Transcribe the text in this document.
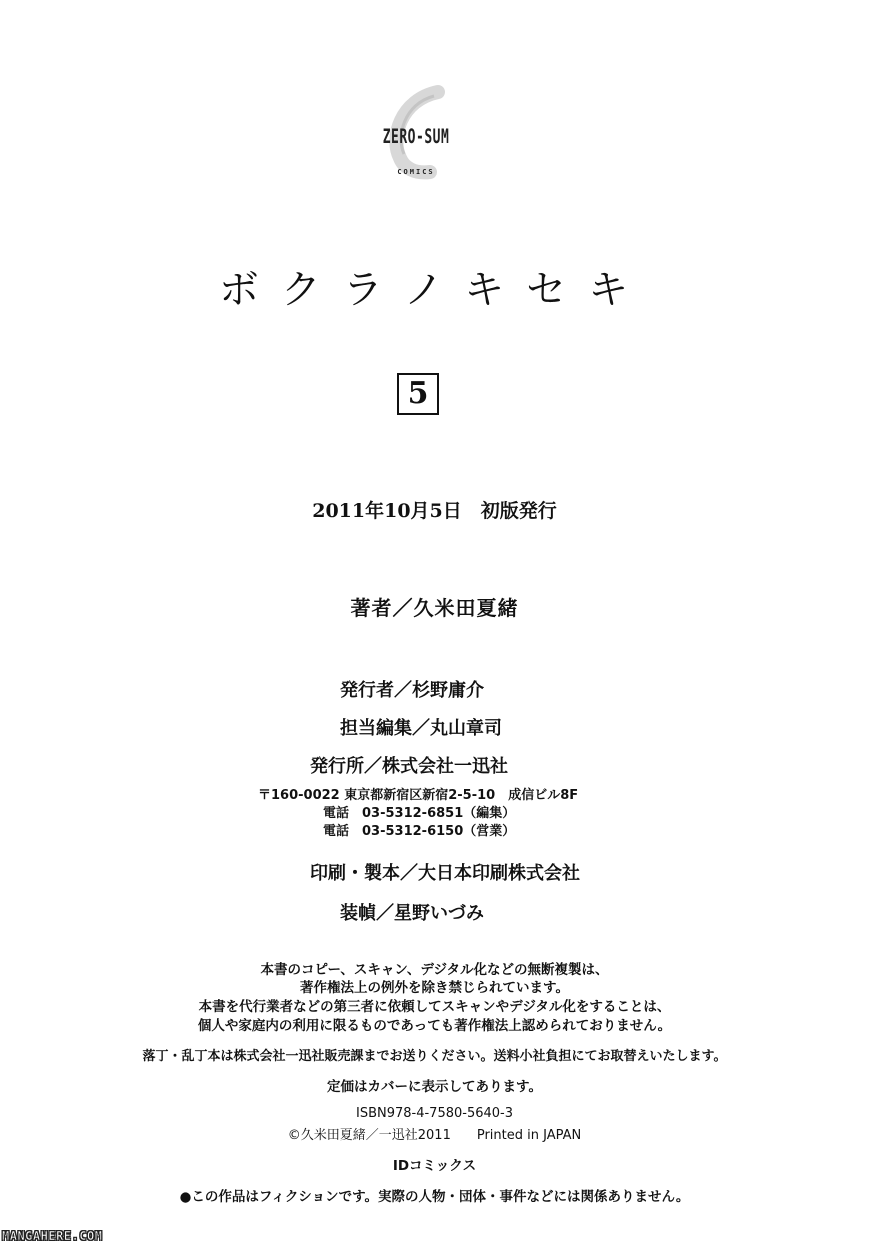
ZERO-SUM
COMICS
ボクラノキセキ
5
2011年10月5日　初版発行
著者／久米田夏緒
発行者／杉野庸介
担当編集／丸山章司
発行所／株式会社一迅社
〒160-0022 東京都新宿区新宿2-5-10　成信ビル8F
電話　03-5312-6851（編集）
電話　03-5312-6150（営業）
印刷・製本／大日本印刷株式会社
装幀／星野いづみ
本書のコピー、スキャン、デジタル化などの無断複製は、
著作権法上の例外を除き禁じられています。
本書を代行業者などの第三者に依頼してスキャンやデジタル化をすることは、
個人や家庭内の利用に限るものであっても著作権法上認められておりません。
落丁・乱丁本は株式会社一迅社販売課までお送りください。送料小社負担にてお取替えいたします。
定価はカバーに表示してあります。
ISBN978-4-7580-5640-3
©久米田夏緒／一迅社2011　　Printed in JAPAN
IDコミックス
●この作品はフィクションです。実際の人物・団体・事件などには関係ありません。
MANGAHERE.COM
